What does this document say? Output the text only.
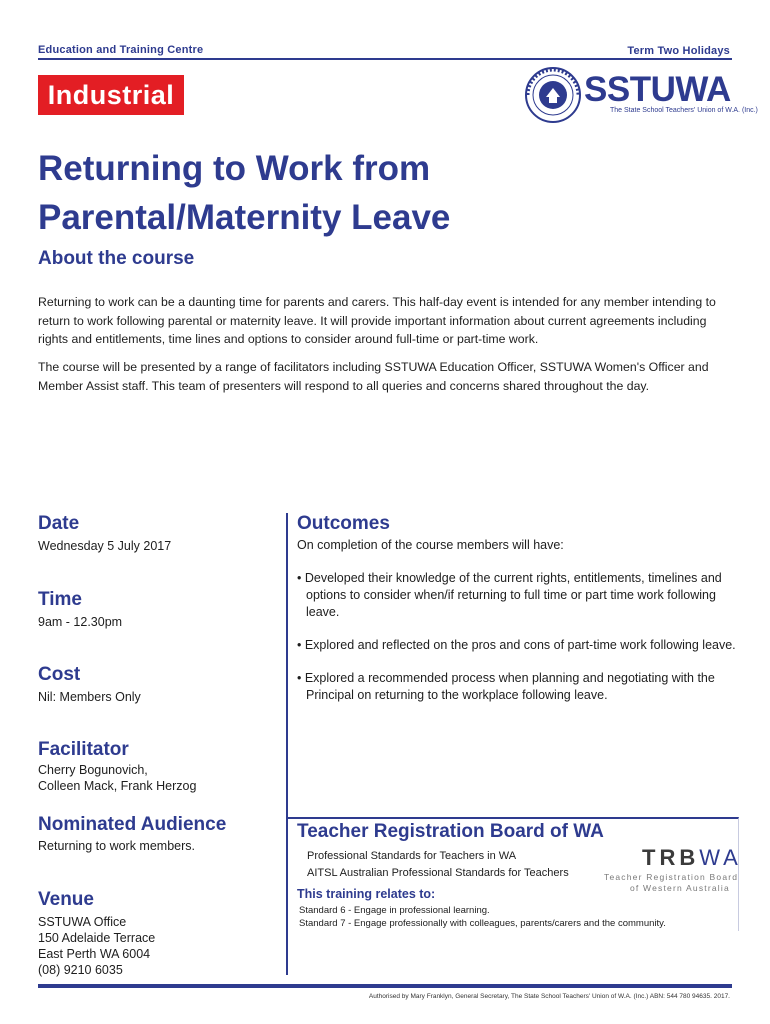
Education and Training Centre	Term Two Holidays
Industrial	SSTUWA
The State School Teachers' Union of W.A. (Inc.)
Returning to Work from
Parental/Maternity Leave
About the course

Returning to work can be a daunting time for parents and carers. This half-day event is intended for any member intending to return to work following parental or maternity leave. It will provide important information about current agreements including rights and entitlements, time lines and options to consider around full-time or part-time work.

The course will be presented by a range of facilitators including SSTUWA Education Officer, SSTUWA Women's Officer and Member Assist staff. This team of presenters will respond to all queries and concerns shared throughout the day.

Date
Wednesday 5 July 2017
Time
9am - 12.30pm
Cost
Nil: Members Only
Facilitator
Cherry Bogunovich,
Colleen Mack, Frank Herzog
Nominated Audience
Returning to work members.
Venue
SSTUWA Office
150 Adelaide Terrace
East Perth WA 6004
(08) 9210 6035
Outcomes
On completion of the course members will have:
• Developed their knowledge of the current rights, entitlements, timelines and options to consider when/if returning to full time or part time work following leave.
• Explored and reflected on the pros and cons of part-time work following leave.
• Explored a recommended process when planning and negotiating with the Principal on returning to the workplace following leave.
Teacher Registration Board of WA
Professional Standards for Teachers in WA
AITSL Australian Professional Standards for Teachers
TRBWA
Teacher Registration Board
of Western Australia
This training relates to:
Standard 6 - Engage in professional learning.
Standard 7 - Engage professionally with colleagues, parents/carers and the community.
Authorised by Mary Franklyn, General Secretary, The State School Teachers' Union of W.A. (Inc.) ABN: 544 780 94635. 2017.
